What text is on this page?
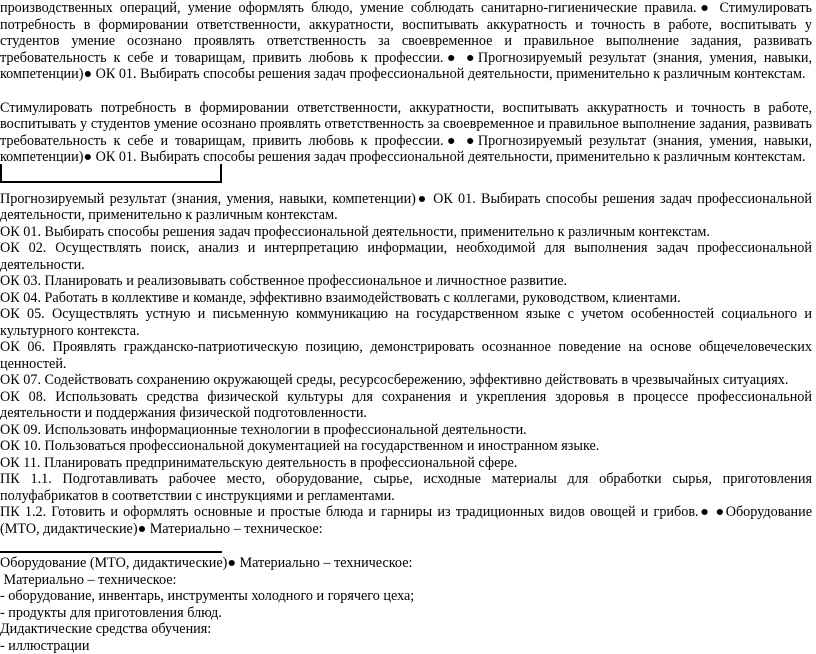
производственных операций, умение оформлять блюдо, умение соблюдать санитарно-гигиенические правила.● Стимулировать потребность в формировании ответственности, аккуратности, воспитывать аккуратность и точность в работе, воспитывать у студентов умение осознано проявлять ответственность за своевременное и правильное выполнение задания, развивать требовательность к себе и товарищам, привить любовь к профессии.● ●Прогнозируемый результат (знания, умения, навыки, компетенции)● ОК 01. Выбирать способы решения задач профессиональной деятельности, применительно к различным контекстам.

Стимулировать потребность в формировании ответственности, аккуратности, воспитывать аккуратность и точность в работе, воспитывать у студентов умение осознано проявлять ответственность за своевременное и правильное выполнение задания, развивать требовательность к себе и товарищам, привить любовь к профессии.● ●Прогнозируемый результат (знания, умения, навыки, компетенции)● ОК 01. Выбирать способы решения задач профессиональной деятельности, применительно к различным контекстам.

Прогнозируемый результат (знания, умения, навыки, компетенции)● ОК 01. Выбирать способы решения задач профессиональной деятельности, применительно к различным контекстам.

ОК 01. Выбирать способы решения задач профессиональной деятельности, применительно к различным контекстам.

ОК 02. Осуществлять поиск, анализ и интерпретацию информации, необходимой для выполнения задач профессиональной деятельности.

ОК 03. Планировать и реализовывать собственное профессиональное и личностное развитие.

ОК 04. Работать в коллективе и команде, эффективно взаимодействовать с коллегами, руководством, клиентами.

ОК 05. Осуществлять устную и письменную коммуникацию на государственном языке с учетом особенностей социального и культурного контекста.

ОК 06. Проявлять гражданско-патриотическую позицию, демонстрировать осознанное поведение на основе общечеловеческих ценностей.

ОК 07. Содействовать сохранению окружающей среды, ресурсосбережению, эффективно действовать в чрезвычайных ситуациях.

ОК 08. Использовать средства физической культуры для сохранения и укрепления здоровья в процессе профессиональной деятельности и поддержания физической подготовленности.

ОК 09. Использовать информационные технологии в профессиональной деятельности.

ОК 10. Пользоваться профессиональной документацией на государственном и иностранном языке.

ОК 11. Планировать предпринимательскую деятельность в профессиональной сфере.

ПК 1.1. Подготавливать рабочее место, оборудование, сырье, исходные материалы для обработки сырья, приготовления полуфабрикатов в соответствии с инструкциями и регламентами.

ПК 1.2. Готовить и оформлять основные и простые блюда и гарниры из традиционных видов овощей и грибов.● ●Оборудование (МТО, дидактические)● Материально – техническое:

Оборудование (МТО, дидактические)● Материально – техническое:

Материально – техническое:

- оборудование, инвентарь, инструменты холодного и горячего цеха;

- продукты для приготовления блюд.

Дидактические средства обучения:

- иллюстрации
